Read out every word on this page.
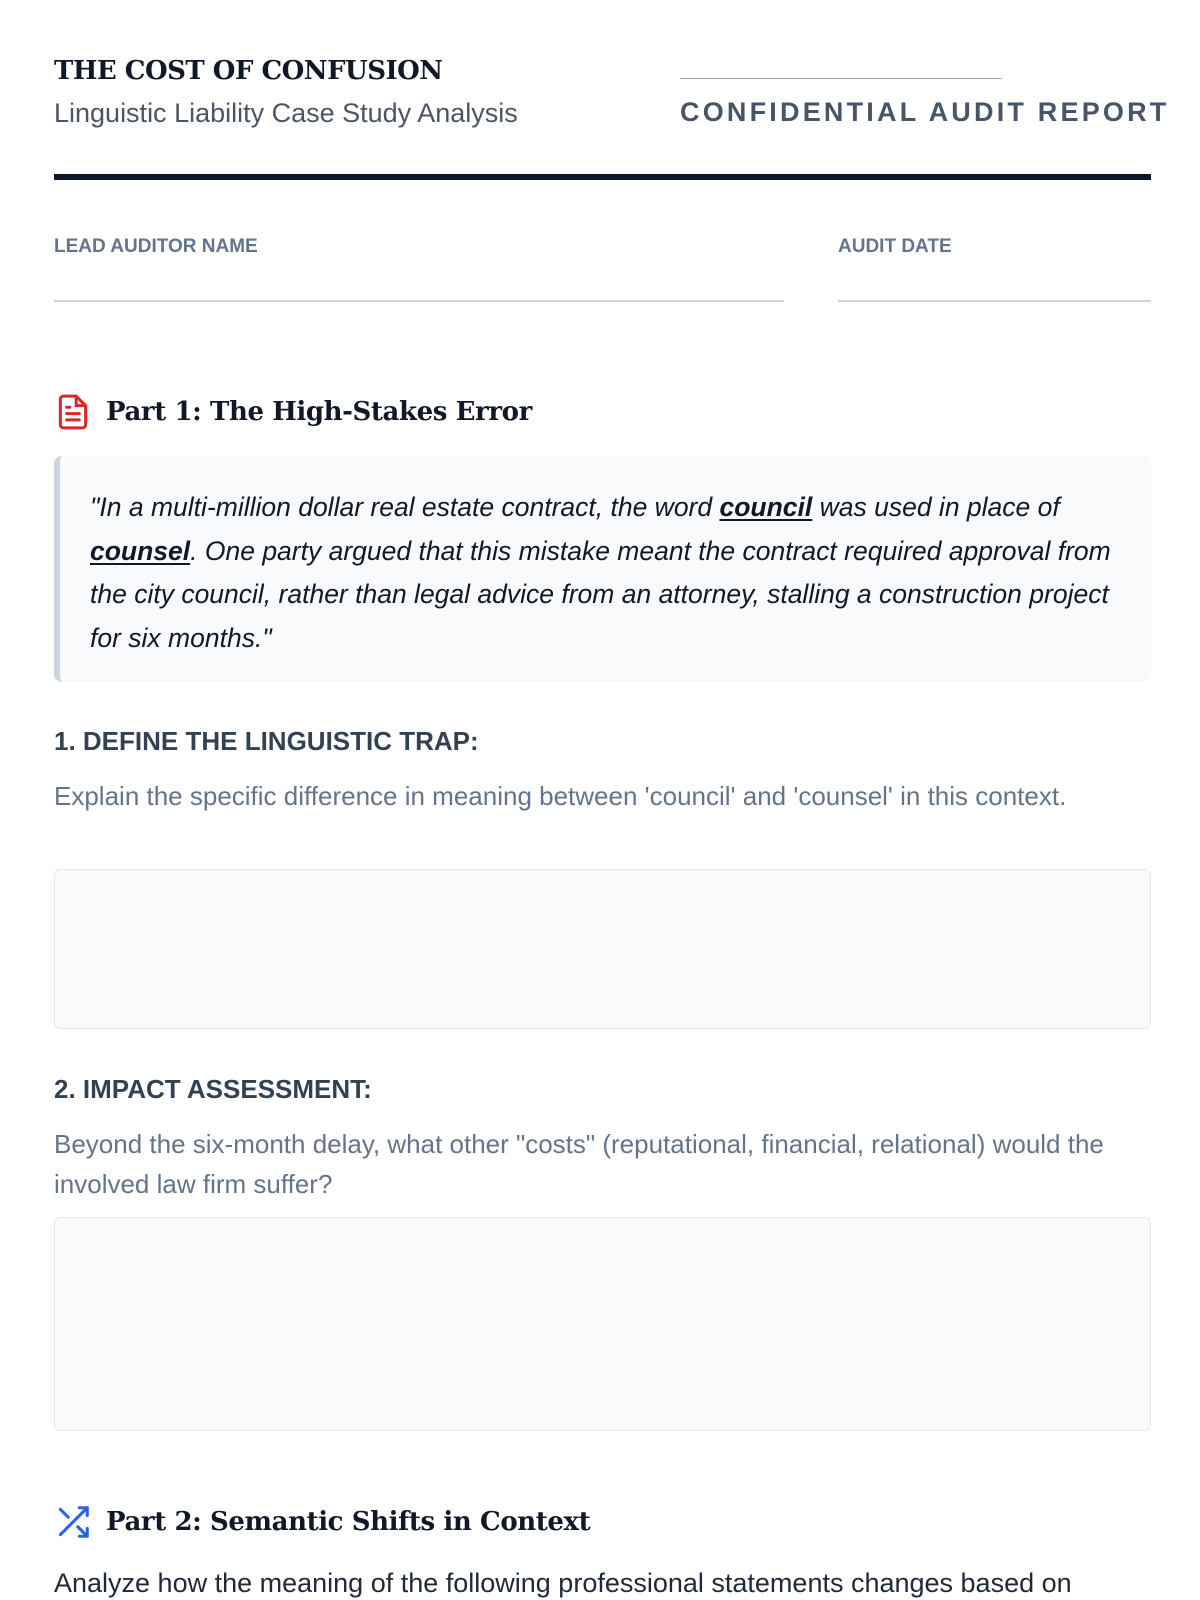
THE COST OF CONFUSION
Linguistic Liability Case Study Analysis	CONFIDENTIAL AUDIT REPORT
LEAD AUDITOR NAME	AUDIT DATE
Part 1: The High-Stakes Error

"In a multi-million dollar real estate contract, the word council was used in place of counsel. One party argued that this mistake meant the contract required approval from the city council, rather than legal advice from an attorney, stalling a construction project for six months."

1. DEFINE THE LINGUISTIC TRAP:

Explain the specific difference in meaning between 'council' and 'counsel' in this context.

2. IMPACT ASSESSMENT:

Beyond the six-month delay, what other "costs" (reputational, financial, relational) would the involved law firm suffer?

Part 2: Semantic Shifts in Context

Analyze how the meaning of the following professional statements changes based on
